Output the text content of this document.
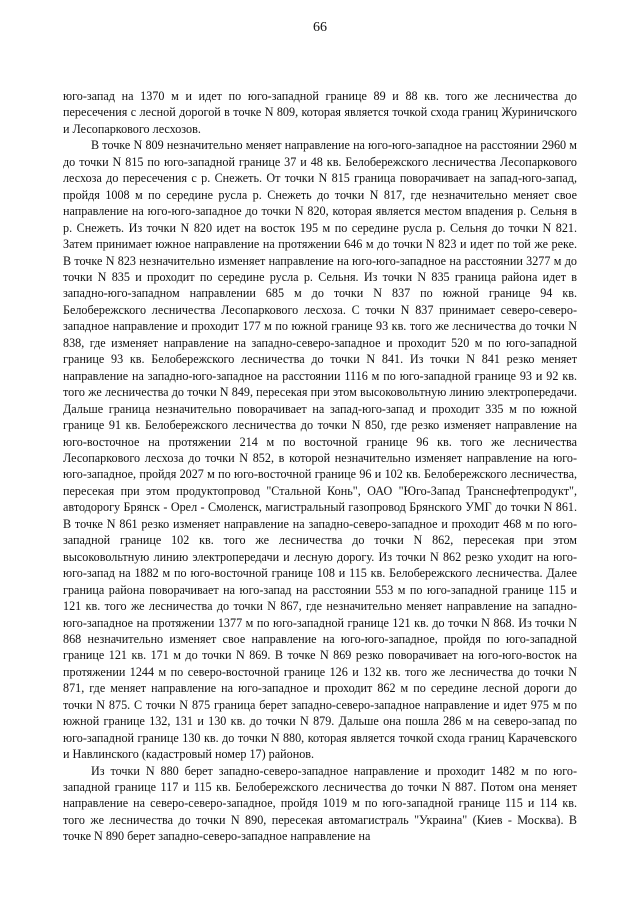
66

юго-запад на 1370 м и идет по юго-западной границе 89 и 88 кв. того же лесничества до пересечения с лесной дорогой в точке N 809, которая является точкой схода границ Журиничского и Лесопаркового лесхозов.

В точке N 809 незначительно меняет направление на юго-юго-западное на расстоянии 2960 м до точки N 815 по юго-западной границе 37 и 48 кв. Белобережского лесничества Лесопаркового лесхоза до пересечения с р. Снежеть. От точки N 815 граница поворачивает на запад-юго-запад, пройдя 1008 м по середине русла р. Снежеть до точки N 817, где незначительно меняет свое направление на юго-юго-западное до точки N 820, которая является местом впадения р. Сельня в р. Снежеть. Из точки N 820 идет на восток 195 м по середине русла р. Сельня до точки N 821. Затем принимает южное направление на протяжении 646 м до точки N 823 и идет по той же реке. В точке N 823 незначительно изменяет направление на юго-юго-западное на расстоянии 3277 м до точки N 835 и проходит по середине русла р. Сельня. Из точки N 835 граница района идет в западно-юго-западном направлении 685 м до точки N 837 по южной границе 94 кв. Белобережского лесничества Лесопаркового лесхоза. С точки N 837 принимает северо-северо-западное направление и проходит 177 м по южной границе 93 кв. того же лесничества до точки N 838, где изменяет направление на западно-северо-западное и проходит 520 м по юго-западной границе 93 кв. Белобережского лесничества до точки N 841. Из точки N 841 резко меняет направление на западно-юго-западное на расстоянии 1116 м по юго-западной границе 93 и 92 кв. того же лесничества до точки N 849, пересекая при этом высоковольтную линию электропередачи. Дальше граница незначительно поворачивает на запад-юго-запад и проходит 335 м по южной границе 91 кв. Белобережского лесничества до точки N 850, где резко изменяет направление на юго-восточное на протяжении 214 м по восточной границе 96 кв. того же лесничества Лесопаркового лесхоза до точки N 852, в которой незначительно изменяет направление на юго-юго-западное, пройдя 2027 м по юго-восточной границе 96 и 102 кв. Белобережского лесничества, пересекая при этом продуктопровод "Стальной Конь", ОАО "Юго-Запад Транснефтепродукт", автодорогу Брянск - Орел - Смоленск, магистральный газопровод Брянского УМГ до точки N 861. В точке N 861 резко изменяет направление на западно-северо-западное и проходит 468 м по юго-западной границе 102 кв. того же лесничества до точки N 862, пересекая при этом высоковольтную линию электропередачи и лесную дорогу. Из точки N 862 резко уходит на юго-юго-запад на 1882 м по юго-восточной границе 108 и 115 кв. Белобережского лесничества. Далее граница района поворачивает на юго-запад на расстоянии 553 м по юго-западной границе 115 и 121 кв. того же лесничества до точки N 867, где незначительно меняет направление на западно-юго-западное на протяжении 1377 м по юго-западной границе 121 кв. до точки N 868. Из точки N 868 незначительно изменяет свое направление на юго-юго-западное, пройдя по юго-западной границе 121 кв. 171 м до точки N 869. В точке N 869 резко поворачивает на юго-юго-восток на протяжении 1244 м по северо-восточной границе 126 и 132 кв. того же лесничества до точки N 871, где меняет направление на юго-западное и проходит 862 м по середине лесной дороги до точки N 875. С точки N 875 граница берет западно-северо-западное направление и идет 975 м по южной границе 132, 131 и 130 кв. до точки N 879. Дальше она пошла 286 м на северо-запад по юго-западной границе 130 кв. до точки N 880, которая является точкой схода границ Карачевского и Навлинского (кадастровый номер 17) районов.

Из точки N 880 берет западно-северо-западное направление и проходит 1482 м по юго-западной границе 117 и 115 кв. Белобережского лесничества до точки N 887. Потом она меняет направление на северо-северо-западное, пройдя 1019 м по юго-западной границе 115 и 114 кв. того же лесничества до точки N 890, пересекая автомагистраль "Украина" (Киев - Москва). В точке N 890 берет западно-северо-западное направление на
